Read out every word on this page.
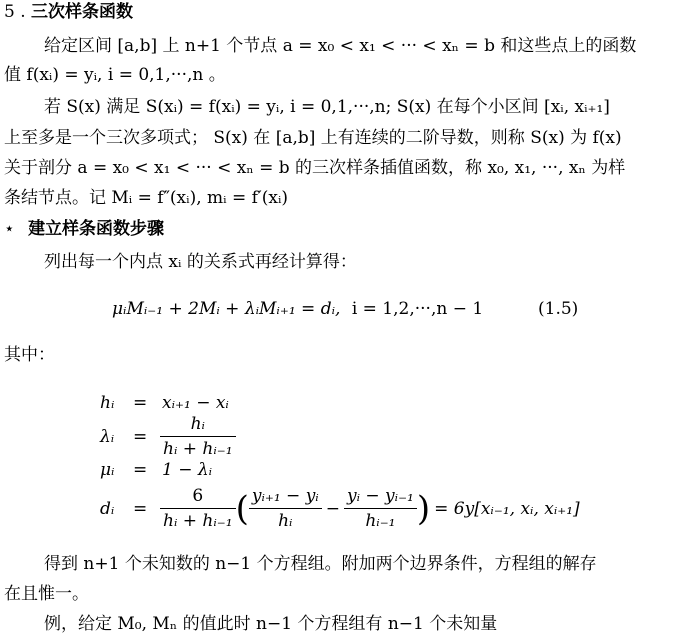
5 . 三次样条函数
给定区间 [a,b] 上 n+1 个节点 a = x₀ < x₁ < ··· < xₙ = b 和这些点上的函数
值 f(xᵢ) = yᵢ, i = 0,1,···,n 。
若 S(x) 满足 S(xᵢ) = f(xᵢ) = yᵢ, i = 0,1,···,n; S(x) 在每个小区间 [xᵢ, xᵢ₊₁]
上至多是一个三次多项式； S(x) 在 [a,b] 上有连续的二阶导数，则称 S(x) 为 f(x)
关于剖分 a = x₀ < x₁ < ··· < xₙ = b 的三次样条插值函数，称 x₀, x₁, ···, xₙ 为样
条结节点。记 Mᵢ = f″(xᵢ), mᵢ = f′(xᵢ)
⋆ 建立样条函数步骤
列出每一个内点 xᵢ 的关系式再经计算得：
μᵢMᵢ₋₁ + 2Mᵢ + λᵢMᵢ₊₁ = dᵢ, i = 1,2,···,n − 1	(1.5)
其中：
hᵢ = xᵢ₊₁ − xᵢ
λᵢ = $\frac{\text{hᵢ}}{\text{hᵢ + hᵢ₋₁}}$
μᵢ = 1 − λᵢ
dᵢ = $\frac{6}{\text{hᵢ + hᵢ₋₁}}$ ( $\frac{\text{yᵢ₊₁ − yᵢ}}{\text{hᵢ}} - \frac{\text{yᵢ − yᵢ₋₁}}{\text{hᵢ₋₁}}$ ) = 6y[xᵢ₋₁, xᵢ, xᵢ₊₁]
得到 n+1 个未知数的 n−1 个方程组。附加两个边界条件，方程组的解存
在且惟一。
例，给定 M₀, Mₙ 的值此时 n−1 个方程组有 n−1 个未知量
